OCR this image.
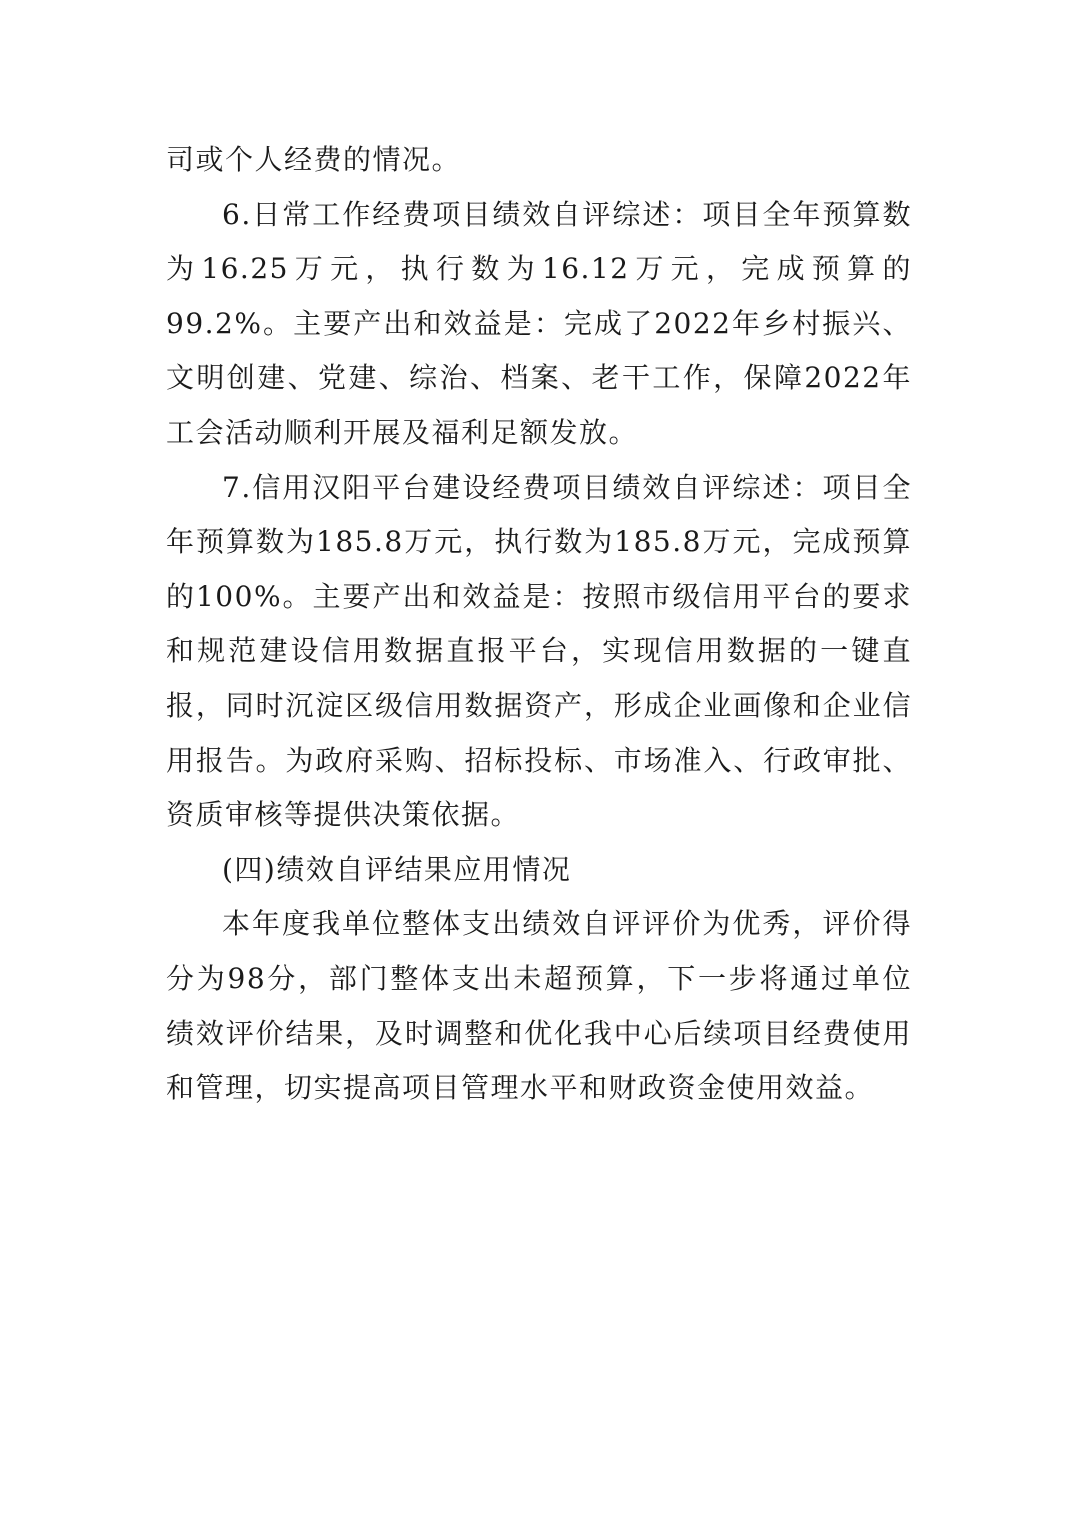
司或个人经费的情况。

6.日常工作经费项目绩效自评综述：项目全年预算数为16.25万元，执行数为16.12万元，完成预算的99.2%。主要产出和效益是：完成了2022年乡村振兴、文明创建、党建、综治、档案、老干工作，保障2022年工会活动顺利开展及福利足额发放。

7.信用汉阳平台建设经费项目绩效自评综述：项目全年预算数为185.8万元，执行数为185.8万元，完成预算的100%。主要产出和效益是：按照市级信用平台的要求和规范建设信用数据直报平台，实现信用数据的一键直报，同时沉淀区级信用数据资产，形成企业画像和企业信用报告。为政府采购、招标投标、市场准入、行政审批、资质审核等提供决策依据。

(四)绩效自评结果应用情况

本年度我单位整体支出绩效自评评价为优秀，评价得分为98分，部门整体支出未超预算，下一步将通过单位绩效评价结果，及时调整和优化我中心后续项目经费使用和管理，切实提高项目管理水平和财政资金使用效益。
